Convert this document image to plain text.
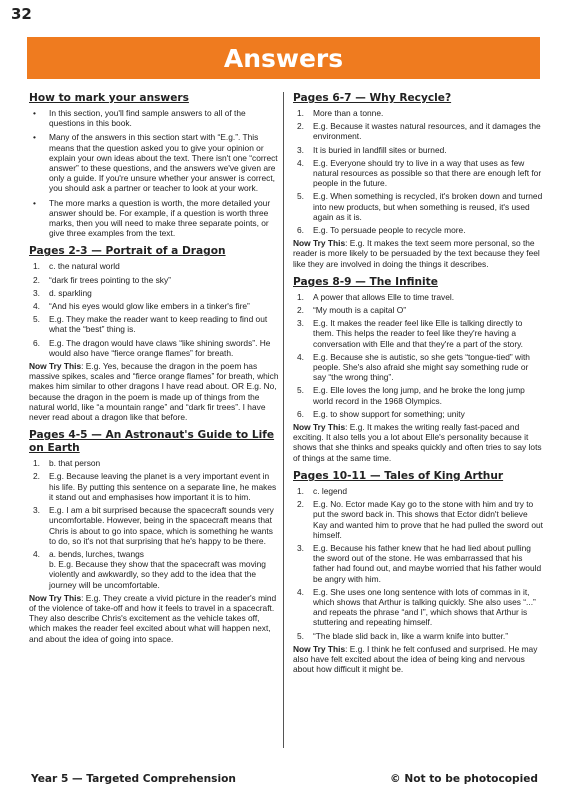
32
Answers
How to mark your answers
• In this section, you'll find sample answers to all of the questions in this book.
• Many of the answers in this section start with “E.g.”. This means that the question asked you to give your opinion or explain your own ideas about the text. There isn't one “correct answer” to these questions, and the answers we've given are only a guide. If you're unsure whether your answer is correct, you should ask a partner or teacher to look at your work.
• The more marks a question is worth, the more detailed your answer should be. For example, if a question is worth three marks, then you will need to make three separate points, or give three examples from the text.
Pages 2-3 — Portrait of a Dragon
1.	c. the natural world
2.	“dark fir trees pointing to the sky”
3.	d. sparkling
4.	“And his eyes would glow like embers in a tinker's fire”
5.	E.g. They make the reader want to keep reading to find out what the “best” thing is.
6.	E.g. The dragon would have claws “like shining swords”. He would also have “fierce orange flames” for breath.

Now Try This: E.g. Yes, because the dragon in the poem has massive spikes, scales and “fierce orange flames” for breath, which makes him similar to other dragons I have read about. OR E.g. No, because the dragon in the poem is made up of things from the natural world, like “a mountain range” and “dark fir trees”. I have never read about a dragon like that before.

Pages 4-5 — An Astronaut's Guide to Life on Earth
1.	b. that person
2.	E.g. Because leaving the planet is a very important event in his life. By putting this sentence on a separate line, he makes it stand out and emphasises how important it is to him.
3.	E.g. I am a bit surprised because the spacecraft sounds very uncomfortable. However, being in the spacecraft means that Chris is about to go into space, which is something he wants to do, so it's not that surprising that he's happy to be there.
4.	a. bends, lurches, twangs
b. E.g. Because they show that the spacecraft was moving violently and awkwardly, so they add to the idea that the journey will be uncomfortable.

Now Try This: E.g. They create a vivid picture in the reader's mind of the violence of take-off and how it feels to travel in a spacecraft. They also describe Chris's excitement as the vehicle takes off, which makes the reader feel excited about what will happen next, and about the idea of going into space.

Pages 6-7 — Why Recycle?
1.	More than a tonne.
2.	E.g. Because it wastes natural resources, and it damages the environment.
3.	It is buried in landfill sites or burned.
4.	E.g. Everyone should try to live in a way that uses as few natural resources as possible so that there are enough left for people in the future.
5.	E.g. When something is recycled, it's broken down and turned into new products, but when something is reused, it's used again as it is.
6.	E.g. To persuade people to recycle more.

Now Try This: E.g. It makes the text seem more personal, so the reader is more likely to be persuaded by the text because they feel like they are involved in doing the things it describes.

Pages 8-9 — The Infinite
1.	A power that allows Elle to time travel.
2.	“My mouth is a capital O”
3.	E.g. It makes the reader feel like Elle is talking directly to them. This helps the reader to feel like they're having a conversation with Elle and that they're a part of the story.
4.	E.g. Because she is autistic, so she gets “tongue-tied” with people. She's also afraid she might say something rude or say “the wrong thing”.
5.	E.g. Elle loves the long jump, and he broke the long jump world record in the 1968 Olympics.
6.	E.g. to show support for something; unity

Now Try This: E.g. It makes the writing really fast-paced and exciting. It also tells you a lot about Elle's personality because it shows that she thinks and speaks quickly and often tries to say lots of things at the same time.

Pages 10-11 — Tales of King Arthur
1.	c. legend
2.	E.g. No. Ector made Kay go to the stone with him and try to put the sword back in. This shows that Ector didn't believe Kay and wanted him to prove that he had pulled the sword out himself.
3.	E.g. Because his father knew that he had lied about pulling the sword out of the stone. He was embarrassed that his father had found out, and maybe worried that his father would be angry with him.
4.	E.g. She uses one long sentence with lots of commas in it, which shows that Arthur is talking quickly. She also uses “...” and repeats the phrase “and I”, which shows that Arthur is stuttering and repeating himself.
5.	“The blade slid back in, like a warm knife into butter.”

Now Try This: E.g. I think he felt confused and surprised. He may also have felt excited about the idea of being king and nervous about how difficult it might be.

Year 5 — Targeted Comprehension	© Not to be photocopied
